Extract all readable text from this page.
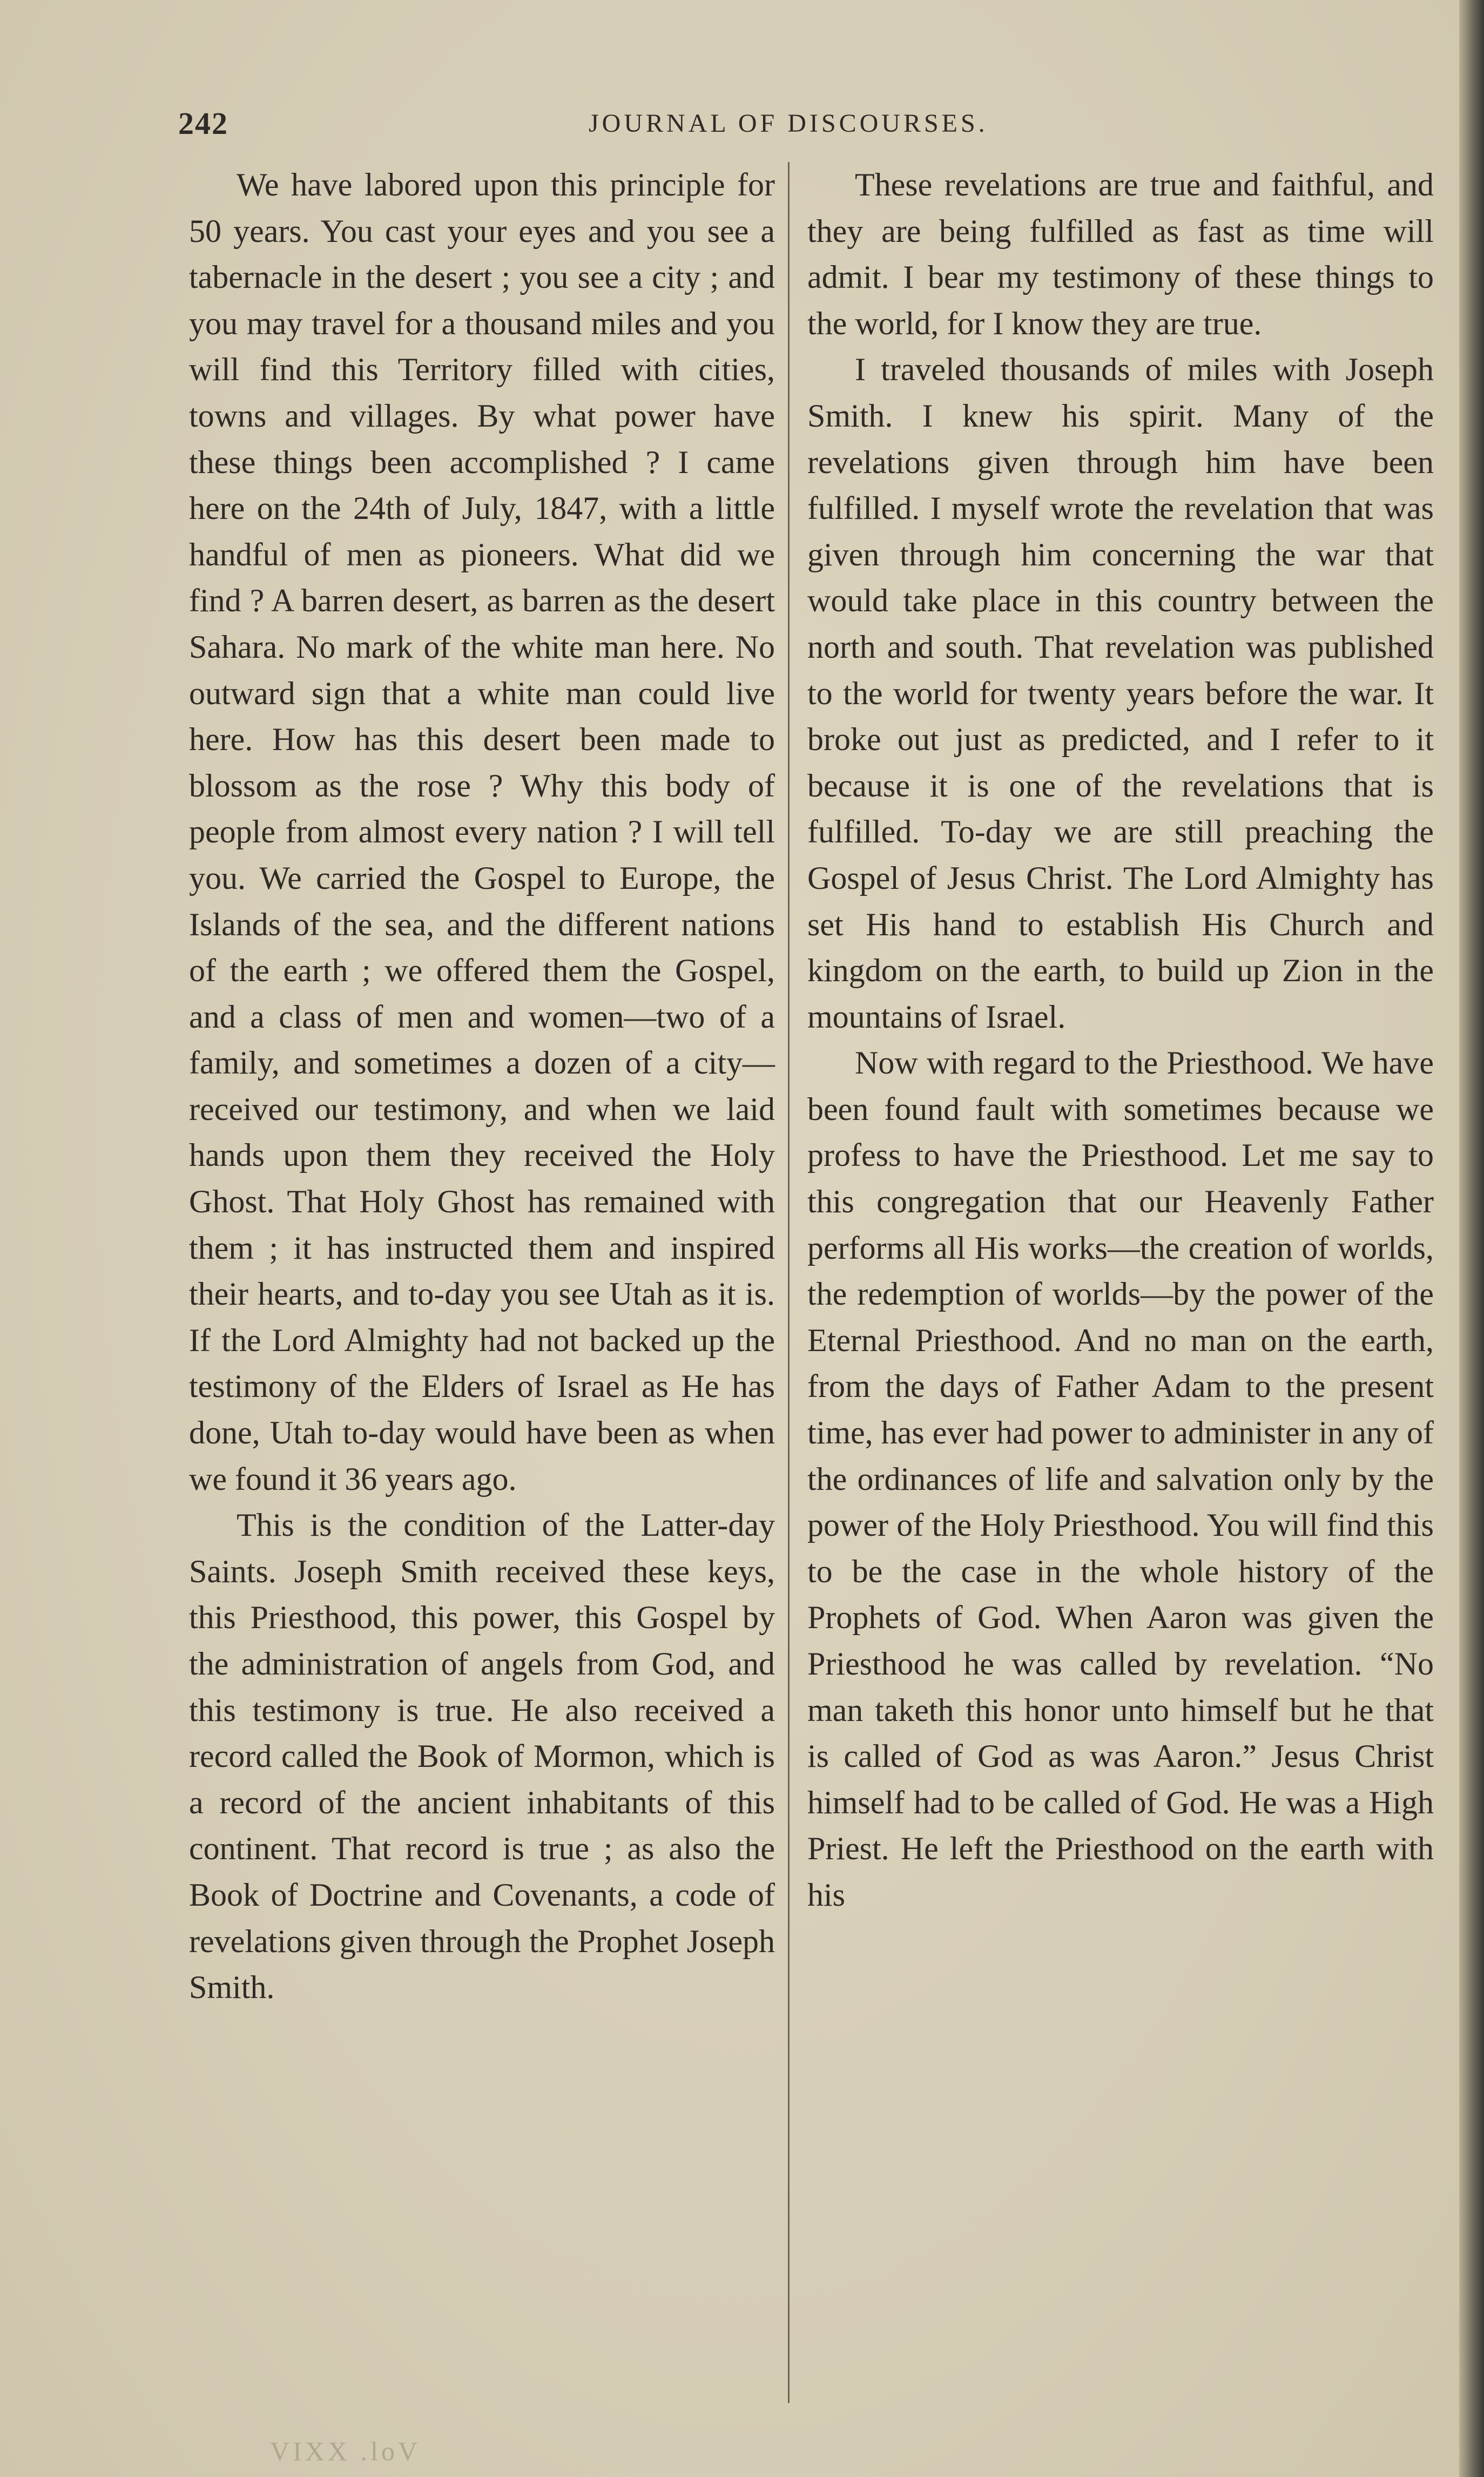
242	JOURNAL OF DISCOURSES.

We have labored upon this principle for 50 years. You cast your eyes and you see a tabernacle in the desert ; you see a city ; and you may travel for a thousand miles and you will find this Territory filled with cities, towns and villages. By what power have these things been accomplished ? I came here on the 24th of July, 1847, with a little handful of men as pioneers. What did we find ? A barren desert, as barren as the desert Sahara. No mark of the white man here. No outward sign that a white man could live here. How has this desert been made to blossom as the rose ? Why this body of people from almost every nation ? I will tell you. We carried the Gospel to Europe, the Islands of the sea, and the different nations of the earth ; we offered them the Gospel, and a class of men and women—two of a family, and sometimes a dozen of a city—received our testimony, and when we laid hands upon them they received the Holy Ghost. That Holy Ghost has remained with them ; it has instructed them and inspired their hearts, and to-day you see Utah as it is. If the Lord Almighty had not backed up the testimony of the Elders of Israel as He has done, Utah to-day would have been as when we found it 36 years ago.

This is the condition of the Latter-day Saints. Joseph Smith received these keys, this Priesthood, this power, this Gospel by the administration of angels from God, and this testimony is true. He also received a record called the Book of Mormon, which is a record of the ancient inhabitants of this continent. That record is true ; as also the Book of Doctrine and Covenants, a code of revelations given through the Prophet Joseph Smith.

These revelations are true and faithful, and they are being fulfilled as fast as time will admit. I bear my testimony of these things to the world, for I know they are true.

I traveled thousands of miles with Joseph Smith. I knew his spirit. Many of the revelations given through him have been fulfilled. I myself wrote the revelation that was given through him concerning the war that would take place in this country between the north and south. That revelation was published to the world for twenty years before the war. It broke out just as predicted, and I refer to it because it is one of the revelations that is fulfilled. To-day we are still preaching the Gospel of Jesus Christ. The Lord Almighty has set His hand to establish His Church and kingdom on the earth, to build up Zion in the mountains of Israel.

Now with regard to the Priesthood. We have been found fault with sometimes because we profess to have the Priesthood. Let me say to this congregation that our Heavenly Father performs all His works—the creation of worlds, the redemption of worlds—by the power of the Eternal Priesthood. And no man on the earth, from the days of Father Adam to the present time, has ever had power to administer in any of the ordinances of life and salvation only by the power of the Holy Priesthood. You will find this to be the case in the whole history of the Prophets of God. When Aaron was given the Priesthood he was called by revelation. “No man taketh this honor unto himself but he that is called of God as was Aaron.” Jesus Christ himself had to be called of God. He was a High Priest. He left the Priesthood on the earth with his

VIXX .loV
